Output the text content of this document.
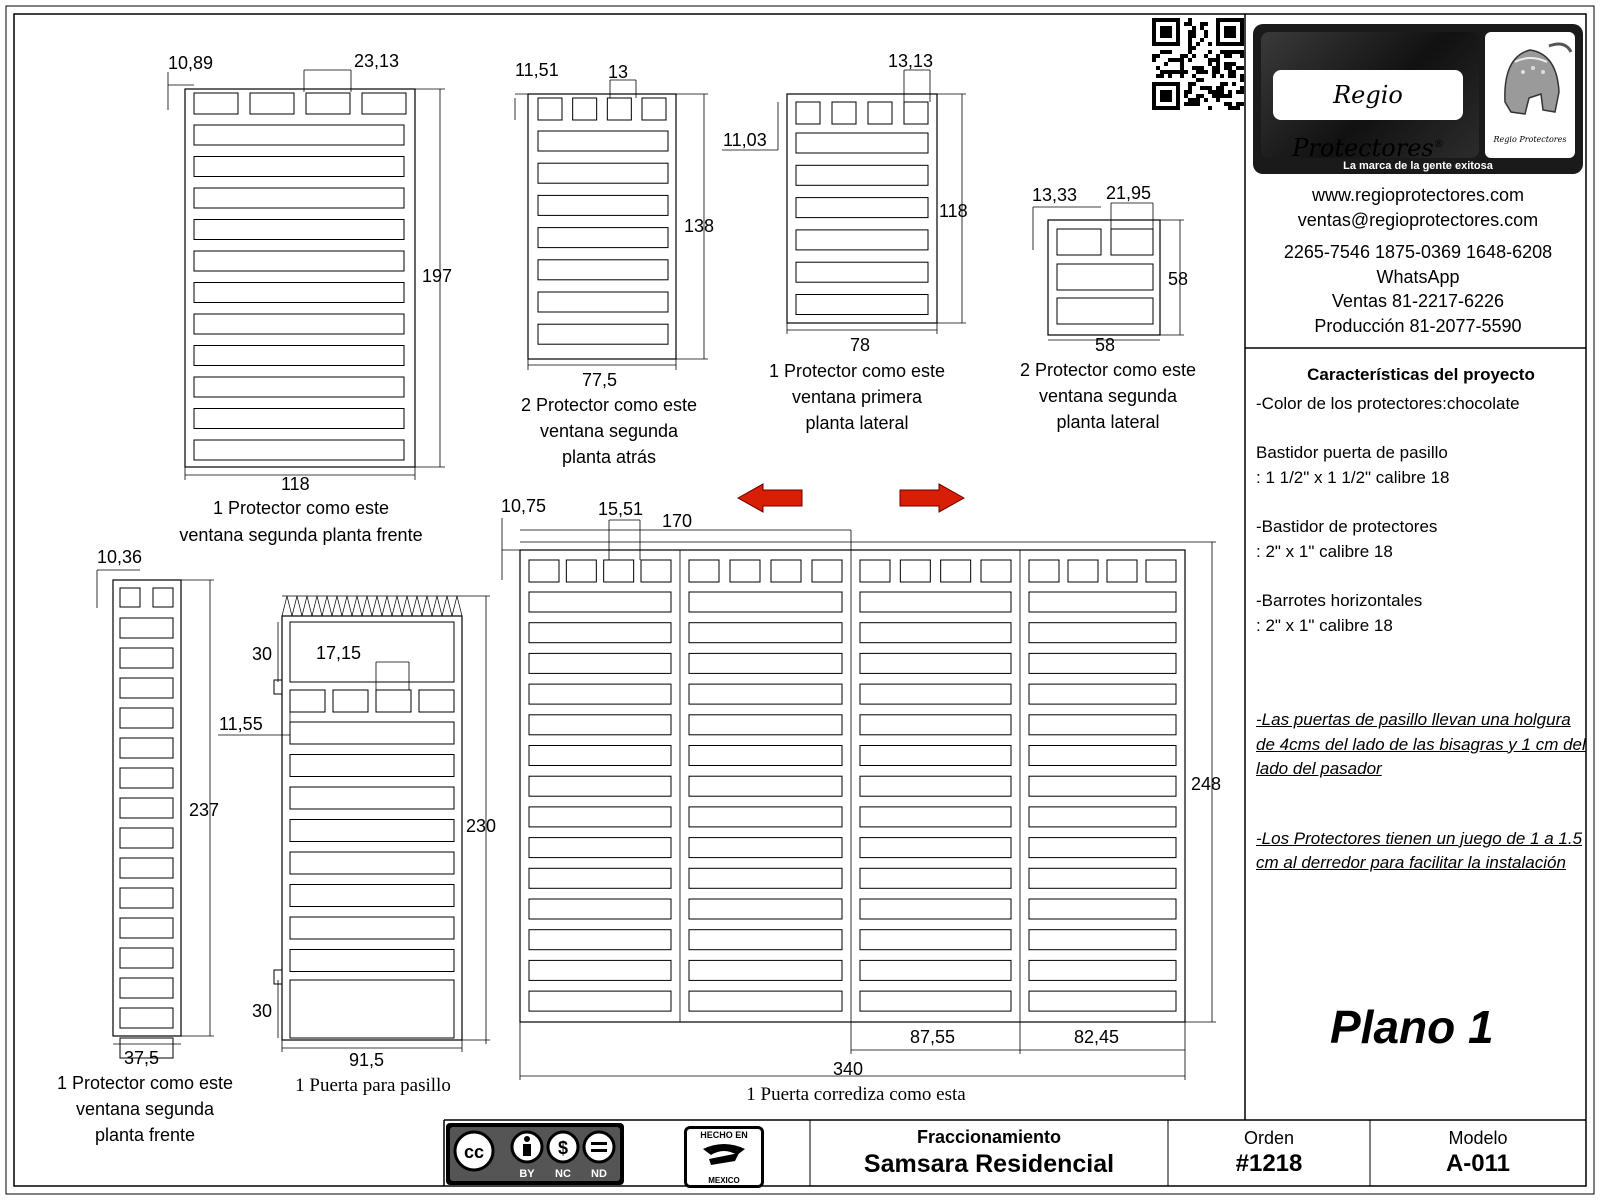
10,89	23,13
197
118
1 Protector como este
ventana segunda planta frente
11,51	13
138
77,5
2 Protector como este
ventana segunda
planta atrás
13,13
11,03
118
78
1 Protector como este
ventana primera
planta lateral
13,33 21,95
58
58
2 Protector como este
ventana segunda
planta lateral
10,36
237
37,5
1 Protector como este
ventana segunda
planta frente
30 17,15
11,55
230
30
91,5
1 Puerta para pasillo
10,75	15,51
170
248
87,55	82,45
340
1 Puerta corrediza como esta
Regio Protectores®	Regio Protectores
La marca de la gente exitosa
www.regioprotectores.com
ventas@regioprotectores.com
2265-7546 1875-0369 1648-6208
WhatsApp
Ventas 81-2217-6226
Producción 81-2077-5590
Características del proyecto
-Color de los protectores:chocolate
Bastidor puerta de pasillo
: 1 1/2" x 1 1/2" calibre 18
-Bastidor de protectores
: 2" x 1" calibre 18
-Barrotes horizontales
: 2" x 1" calibre 18
-Las puertas de pasillo llevan una holgura de 4cms del lado de las bisagras y 1 cm del lado del pasador
-Los Protectores tienen un juego de 1 a 1.5 cm al derredor para facilitar la instalación
Plano 1
cc	$
BY NC ND
HECHO EN
MEXICO
Fraccionamiento
Samsara Residencial
Orden
#1218
Modelo
A-011
